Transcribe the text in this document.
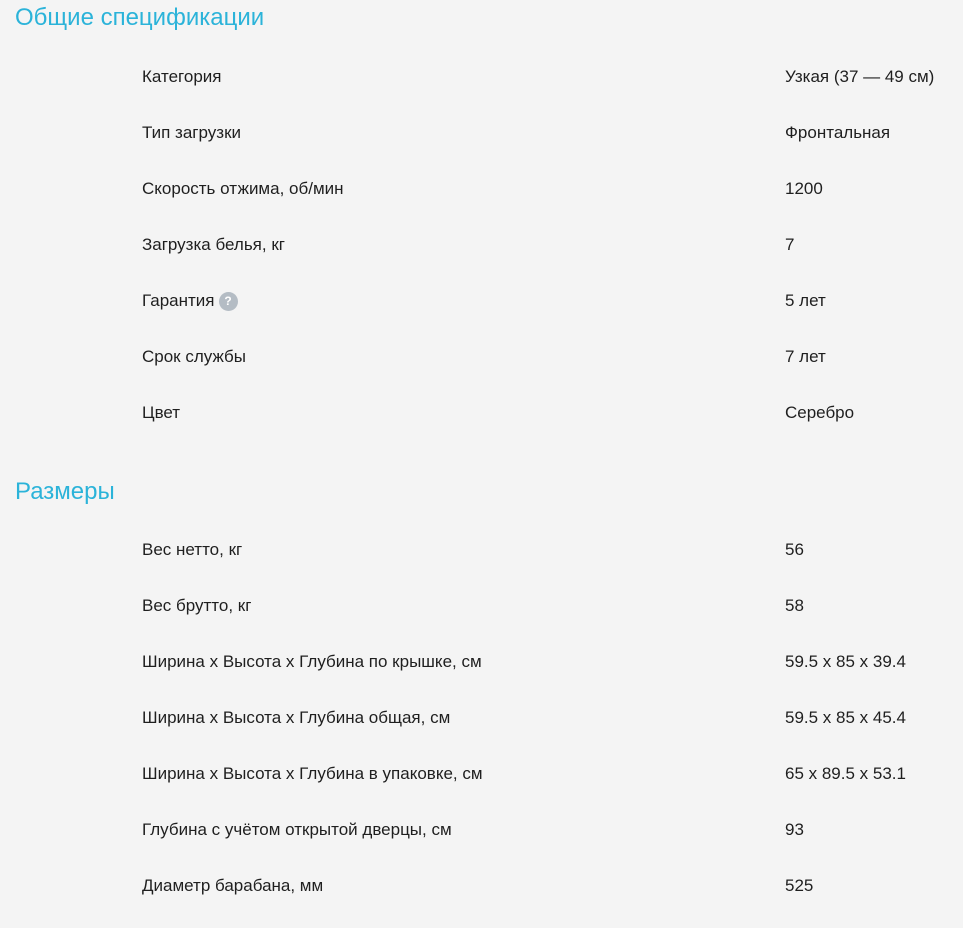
Общие спецификации
Категория	Узкая (37 — 49 см)
Тип загрузки	Фронтальная
Скорость отжима, об/мин	1200
Загрузка белья, кг	7
Гарантия ?	5 лет
Срок службы	7 лет
Цвет	Серебро
Размеры
Вес нетто, кг	56
Вес брутто, кг	58
Ширина x Высота x Глубина по крышке, см	59.5 x 85 x 39.4
Ширина x Высота x Глубина общая, см	59.5 x 85 x 45.4
Ширина x Высота x Глубина в упаковке, см	65 x 89.5 x 53.1
Глубина с учётом открытой дверцы, см	93
Диаметр барабана, мм	525
